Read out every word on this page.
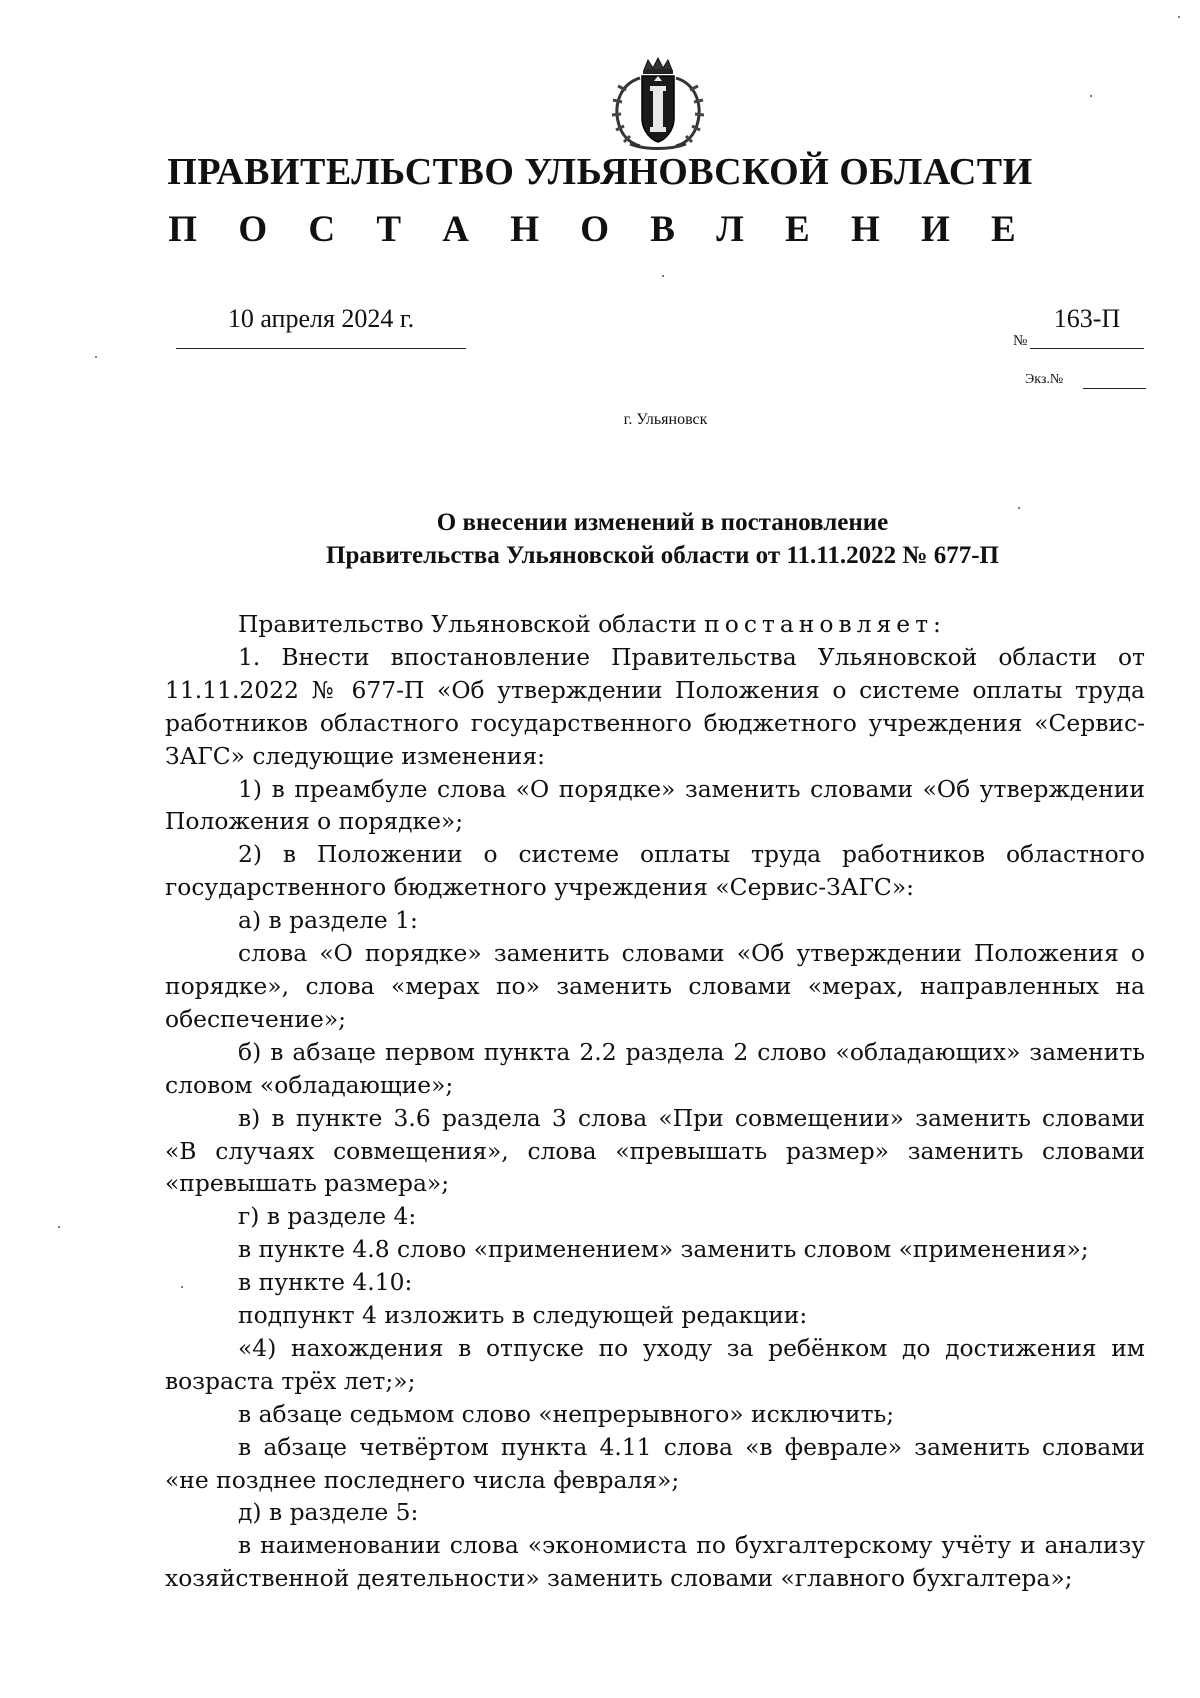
ПРАВИТЕЛЬСТВО УЛЬЯНОВСКОЙ ОБЛАСТИ
П О С Т А Н О В Л Е Н И Е
10 апреля 2024 г.
№
163-П
Экз.№
г. Ульяновск
О внесении изменений в постановление
Правительства Ульяновской области от 11.11.2022 № 677-П

Правительство Ульяновской области постановляет:

1. Внести впостановление Правительства Ульяновской области от 11.11.2022 № 677-П «Об утверждении Положения о системе оплаты труда работников областного государственного бюджетного учреждения «Сервис-ЗАГС» следующие изменения:

1) в преамбуле слова «О порядке» заменить словами «Об утверждении Положения о порядке»;

2) в Положении о системе оплаты труда работников областного государственного бюджетного учреждения «Сервис-ЗАГС»:

а) в разделе 1:

слова «О порядке» заменить словами «Об утверждении Положения о порядке», слова «мерах по» заменить словами «мерах, направленных на обеспечение»;

б) в абзаце первом пункта 2.2 раздела 2 слово «обладающих» заменить словом «обладающие»;

в) в пункте 3.6 раздела 3 слова «При совмещении» заменить словами «В случаях совмещения», слова «превышать размер» заменить словами «превышать размера»;

г) в разделе 4:

в пункте 4.8 слово «применением» заменить словом «применения»;

в пункте 4.10:

подпункт 4 изложить в следующей редакции:

«4) нахождения в отпуске по уходу за ребёнком до достижения им возраста трёх лет;»;

в абзаце седьмом слово «непрерывного» исключить;

в абзаце четвёртом пункта 4.11 слова «в феврале» заменить словами «не позднее последнего числа февраля»;

д) в разделе 5:

в наименовании слова «экономиста по бухгалтерскому учёту и анализу хозяйственной деятельности» заменить словами «главного бухгалтера»;
